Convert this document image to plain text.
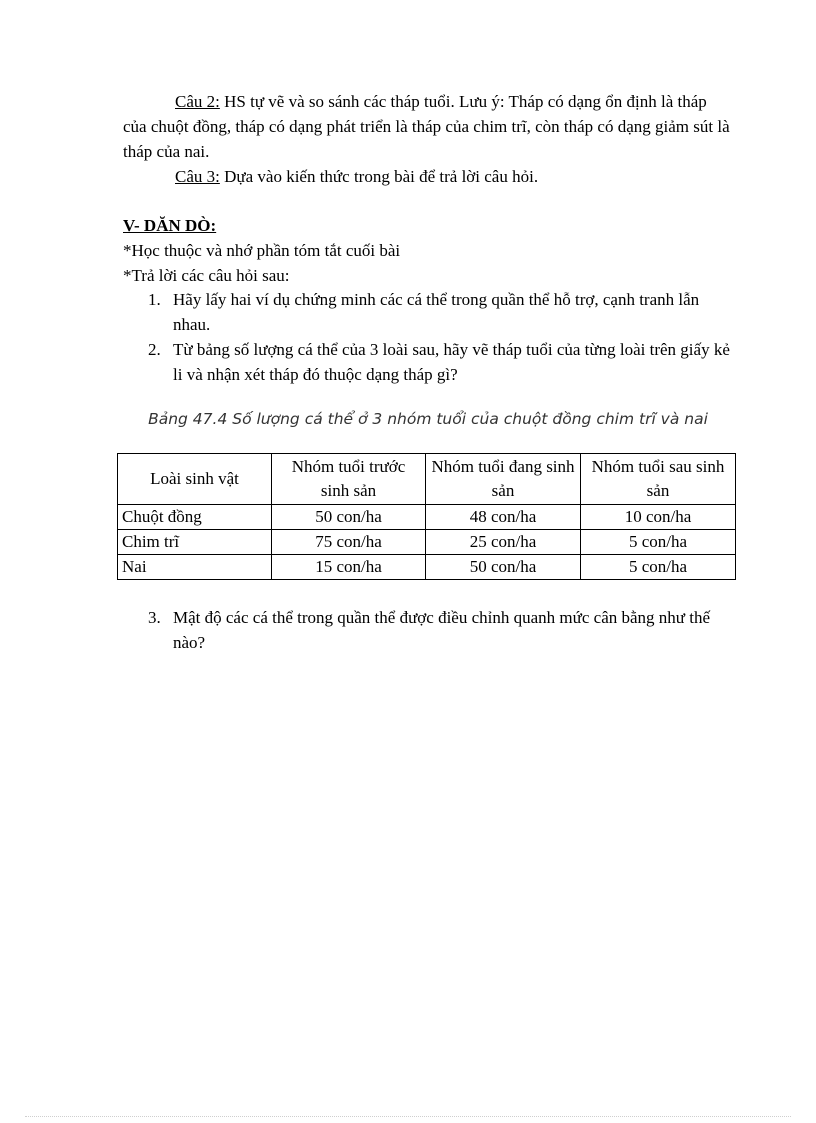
Câu 2: HS tự vẽ và so sánh các tháp tuổi. Lưu ý: Tháp có dạng ổn định là tháp của chuột đồng, tháp có dạng phát triển là tháp của chim trĩ, còn tháp có dạng giảm sút là tháp của nai.

Câu 3: Dựa vào kiến thức trong bài để trả lời câu hỏi.

V- DĂN DÒ:

*Học thuộc và nhớ phần tóm tắt cuối bài

*Trả lời các câu hỏi sau:

1. Hãy lấy hai ví dụ chứng minh các cá thể trong quần thể hỗ trợ, cạnh tranh lẫn nhau.
2. Từ bảng số lượng cá thể của 3 loài sau, hãy vẽ tháp tuổi của từng loài trên giấy kẻ li và nhận xét tháp đó thuộc dạng tháp gì?

Bảng 47.4 Số lượng cá thể ở 3 nhóm tuổi của chuột đồng chim trĩ và nai

Loài sinh vật	Nhóm tuổi trước sinh sản	Nhóm tuổi đang sinh sản	Nhóm tuổi sau sinh sản
Chuột đồng	50 con/ha	48 con/ha	10 con/ha
Chim trĩ	75 con/ha	25 con/ha	5 con/ha
Nai	15 con/ha	50 con/ha	5 con/ha
3. Mật độ các cá thể trong quần thể được điều chỉnh quanh mức cân bằng như thế nào?
